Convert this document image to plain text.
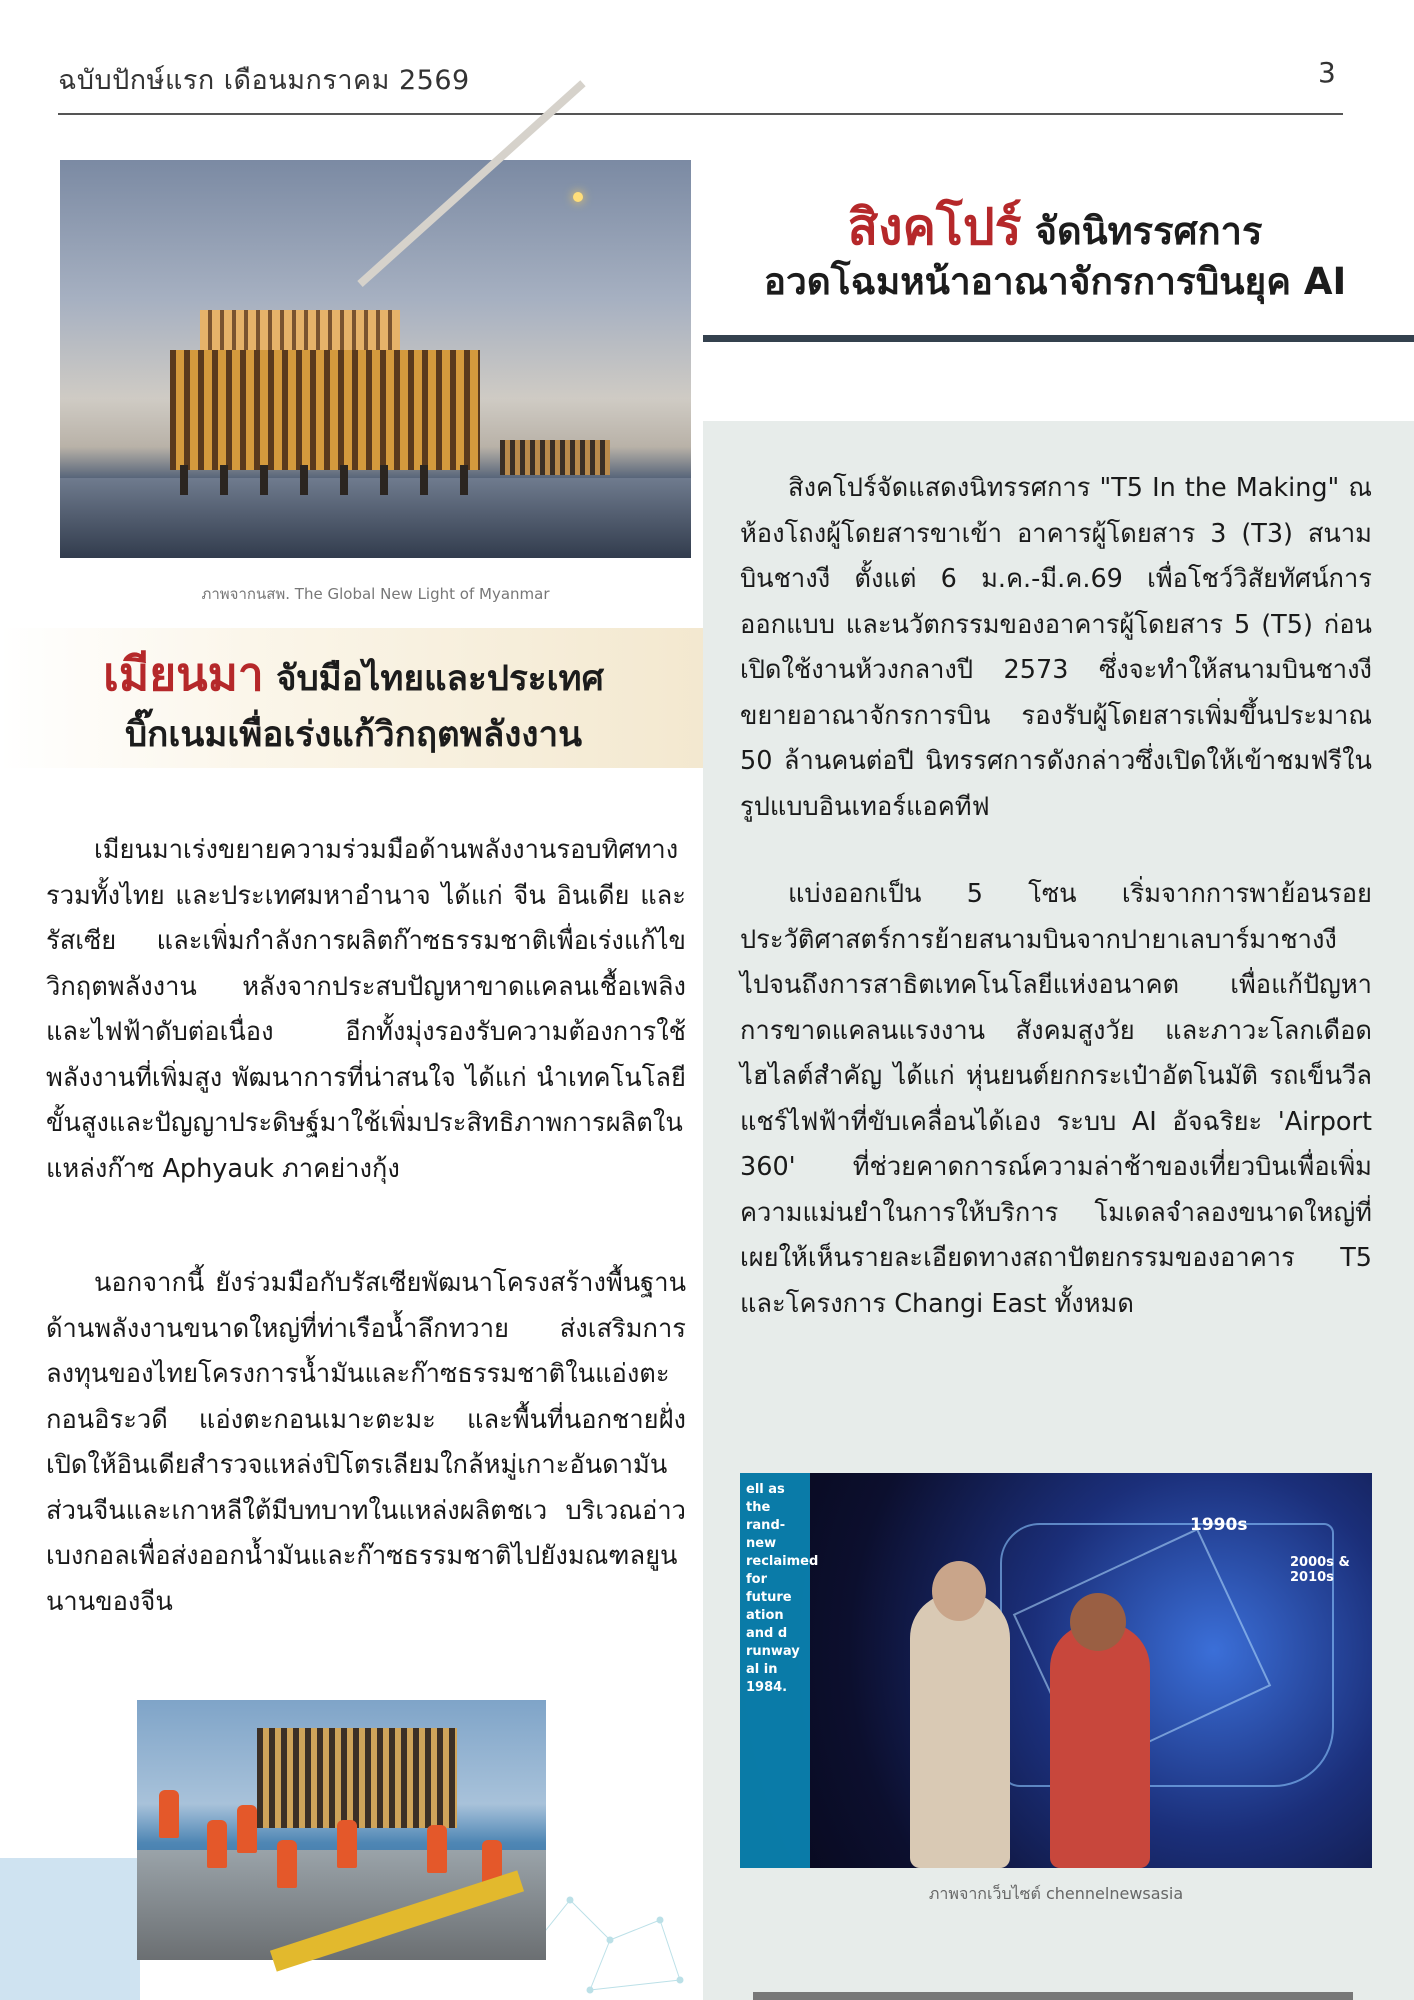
ฉบับปักษ์แรก เดือนมกราคม 2569	3
ภาพจากนสพ. The Global New Light of Myanmar
เมียนมา จับมือไทยและประเทศ
บิ๊กเนมเพื่อเร่งแก้วิกฤตพลังงาน

เมียนมาเร่งขยายความร่วมมือด้านพลังงานรอบทิศทาง รวมทั้งไทย และประเทศมหาอำนาจ ได้แก่ จีน อินเดีย และรัสเซีย และเพิ่มกำลังการผลิตก๊าซธรรมชาติเพื่อเร่งแก้ไขวิกฤตพลังงาน หลังจากประสบปัญหาขาดแคลนเชื้อเพลิง และไฟฟ้าดับต่อเนื่อง อีกทั้งมุ่งรองรับความต้องการใช้พลังงานที่เพิ่มสูง พัฒนาการที่น่าสนใจ ได้แก่ นำเทคโนโลยีขั้นสูงและปัญญาประดิษฐ์มาใช้เพิ่มประสิทธิภาพการผลิตในแหล่งก๊าซ Aphyauk ภาคย่างกุ้ง

นอกจากนี้ ยังร่วมมือกับรัสเซียพัฒนาโครงสร้างพื้นฐานด้านพลังงานขนาดใหญ่ที่ท่าเรือน้ำลึกทวาย ส่งเสริมการลงทุนของไทยโครงการน้ำมันและก๊าซธรรมชาติในแอ่งตะกอนอิระวดี แอ่งตะกอนเมาะตะมะ และพื้นที่นอกชายฝั่ง เปิดให้อินเดียสำรวจแหล่งปิโตรเลียมใกล้หมู่เกาะอันดามัน ส่วนจีนและเกาหลีใต้มีบทบาทในแหล่งผลิตชเว บริเวณอ่าวเบงกอลเพื่อส่งออกน้ำมันและก๊าซธรรมชาติไปยังมณฑลยูนนานของจีน

สิงคโปร์ จัดนิทรรศการ
อวดโฉมหน้าอาณาจักรการบินยุค AI

สิงคโปร์จัดแสดงนิทรรศการ "T5 In the Making" ณ ห้องโถงผู้โดยสารขาเข้า อาคารผู้โดยสาร 3 (T3) สนามบินชางงี ตั้งแต่ 6 ม.ค.-มี.ค.69 เพื่อโชว์วิสัยทัศน์การออกแบบ และนวัตกรรมของอาคารผู้โดยสาร 5 (T5) ก่อนเปิดใช้งานห้วงกลางปี 2573 ซึ่งจะทำให้สนามบินชางงีขยายอาณาจักรการบิน รองรับผู้โดยสารเพิ่มขึ้นประมาณ 50 ล้านคนต่อปี นิทรรศการดังกล่าวซึ่งเปิดให้เข้าชมฟรีในรูปแบบอินเทอร์แอคทีฟ

แบ่งออกเป็น 5 โซน เริ่มจากการพาย้อนรอยประวัติศาสตร์การย้ายสนามบินจากปายาเลบาร์มาชางงี ไปจนถึงการสาธิตเทคโนโลยีแห่งอนาคต เพื่อแก้ปัญหาการขาดแคลนแรงงาน สังคมสูงวัย และภาวะโลกเดือด ไฮไลต์สำคัญ ได้แก่ หุ่นยนต์ยกกระเป๋าอัตโนมัติ รถเข็นวีลแชร์ไฟฟ้าที่ขับเคลื่อนได้เอง ระบบ AI อัจฉริยะ 'Airport 360' ที่ช่วยคาดการณ์ความล่าช้าของเที่ยวบินเพื่อเพิ่มความแม่นยำในการให้บริการ โมเดลจำลองขนาดใหญ่ที่เผยให้เห็นรายละเอียดทางสถาปัตยกรรมของอาคาร T5 และโครงการ Changi East ทั้งหมด

ell as the rand-new reclaimed for future ation and d runway al in 1984.
1990s
2000s & 2010s
ภาพจากเว็บไซต์ chennelnewsasia
